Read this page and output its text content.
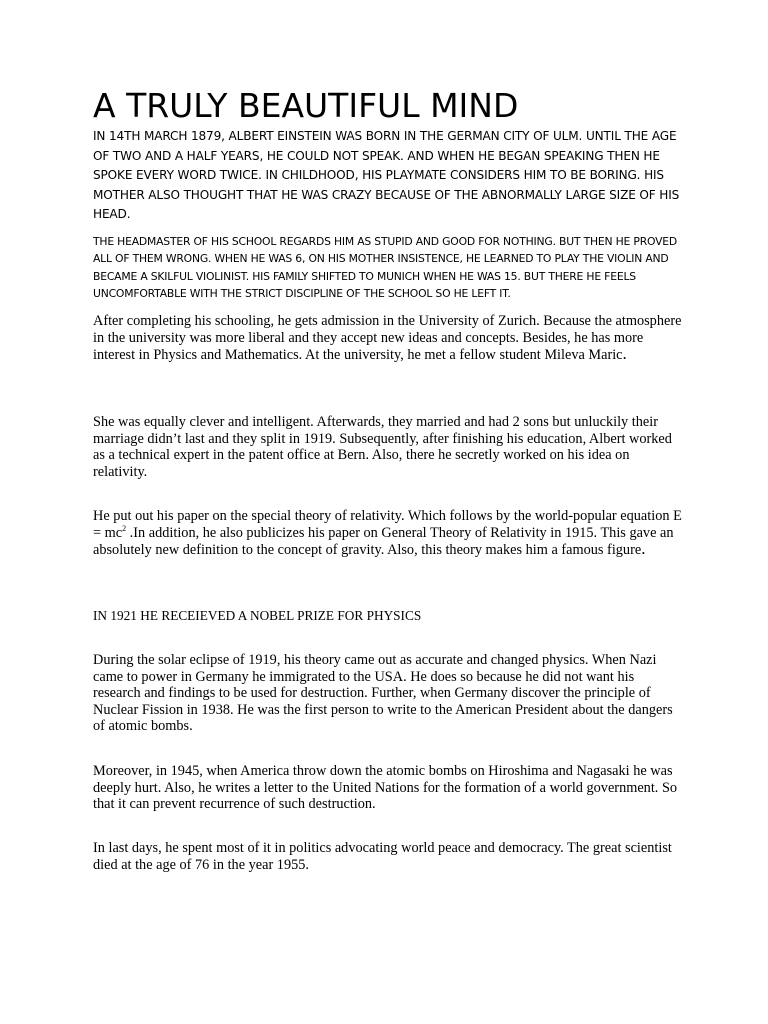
A TRULY BEAUTIFUL MIND
IN 14TH MARCH 1879, ALBERT EINSTEIN WAS BORN IN THE GERMAN CITY OF ULM. UNTIL THE AGE OF TWO AND A HALF YEARS, HE COULD NOT SPEAK. AND WHEN HE BEGAN SPEAKING THEN HE SPOKE EVERY WORD TWICE. IN CHILDHOOD, HIS PLAYMATE CONSIDERS HIM TO BE BORING. HIS MOTHER ALSO THOUGHT THAT HE WAS CRAZY BECAUSE OF THE ABNORMALLY LARGE SIZE OF HIS HEAD.
THE HEADMASTER OF HIS SCHOOL REGARDS HIM AS STUPID AND GOOD FOR NOTHING. BUT THEN HE PROVED ALL OF THEM WRONG. WHEN HE WAS 6, ON HIS MOTHER INSISTENCE, HE LEARNED TO PLAY THE VIOLIN AND BECAME A SKILFUL VIOLINIST. HIS FAMILY SHIFTED TO MUNICH WHEN HE WAS 15. BUT THERE HE FEELS UNCOMFORTABLE WITH THE STRICT DISCIPLINE OF THE SCHOOL SO HE LEFT IT.
After completing his schooling, he gets admission in the University of Zurich. Because the atmosphere in the university was more liberal and they accept new ideas and concepts. Besides, he has more interest in Physics and Mathematics. At the university, he met a fellow student Mileva Maric.
She was equally clever and intelligent. Afterwards, they married and had 2 sons but unluckily their marriage didn’t last and they split in 1919. Subsequently, after finishing his education, Albert worked as a technical expert in the patent office at Bern. Also, there he secretly worked on his idea on relativity.
He put out his paper on the special theory of relativity. Which follows by the world-popular equation $E = mc^2$ .In addition, he also publicizes his paper on General Theory of Relativity in 1915. This gave an absolutely new definition to the concept of gravity. Also, this theory makes him a famous figure.
IN 1921 HE RECEIEVED A NOBEL PRIZE FOR PHYSICS
During the solar eclipse of 1919, his theory came out as accurate and changed physics. When Nazi came to power in Germany he immigrated to the USA. He does so because he did not want his research and findings to be used for destruction. Further, when Germany discover the principle of Nuclear Fission in 1938. He was the first person to write to the American President about the dangers of atomic bombs.
Moreover, in 1945, when America throw down the atomic bombs on Hiroshima and Nagasaki he was deeply hurt. Also, he writes a letter to the United Nations for the formation of a world government. So that it can prevent recurrence of such destruction.
In last days, he spent most of it in politics advocating world peace and democracy. The great scientist died at the age of 76 in the year 1955.
